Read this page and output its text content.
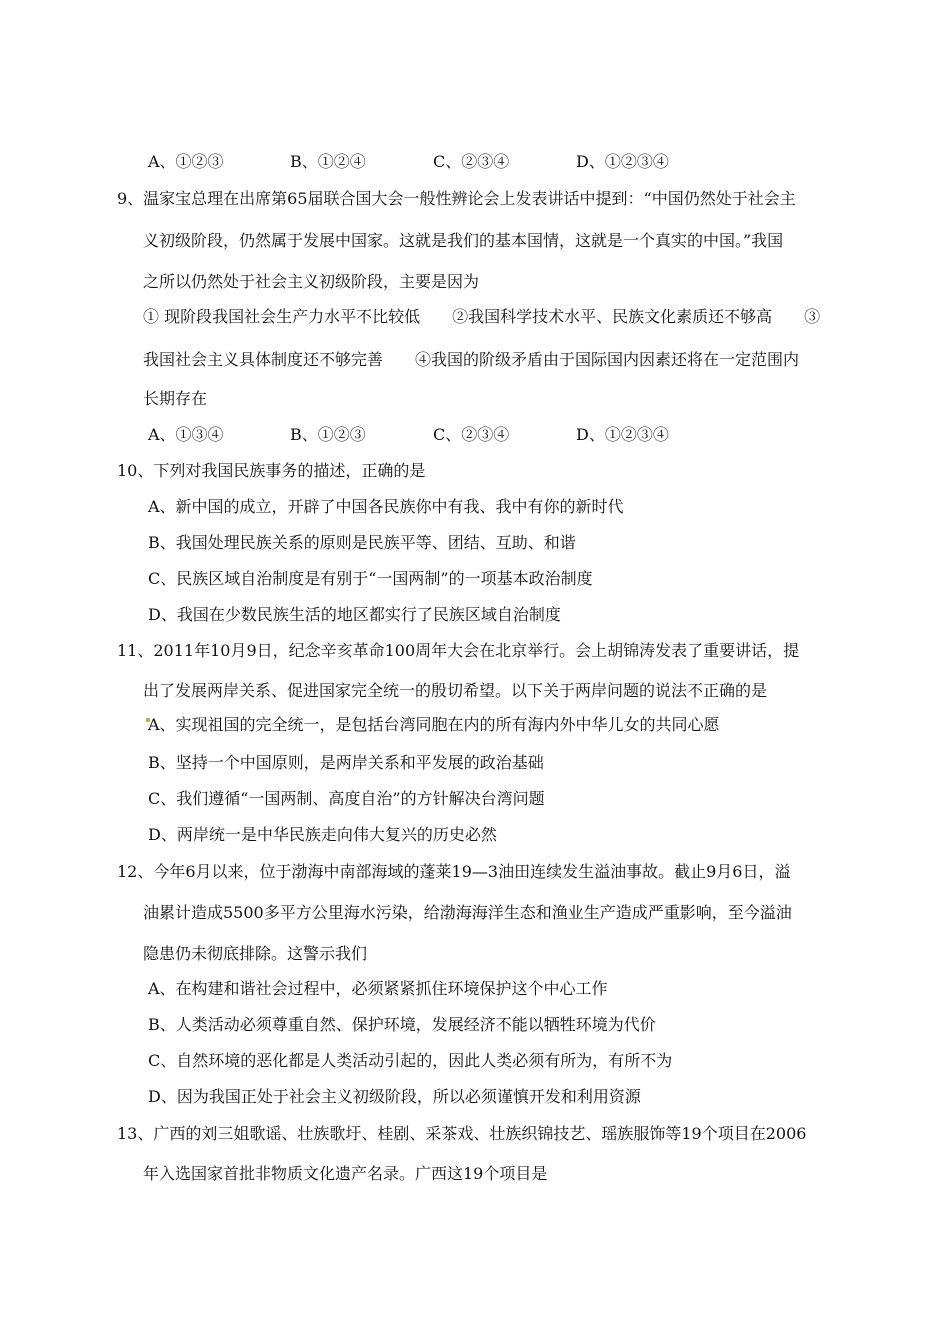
A、①②③	B、①②④	C、②③④	D、①②③④
9、温家宝总理在出席第65届联合国大会一般性辨论会上发表讲话中提到：“中国仍然处于社会主
义初级阶段，仍然属于发展中国家。这就是我们的基本国情，这就是一个真实的中国。”我国
之所以仍然处于社会主义初级阶段，主要是因为
① 现阶段我国社会生产力水平不比较低　　②我国科学技术水平、民族文化素质还不够高　　③
我国社会主义具体制度还不够完善　　④我国的阶级矛盾由于国际国内因素还将在一定范围内
长期存在
A、①③④	B、①②③	C、②③④	D、①②③④
10、下列对我国民族事务的描述，正确的是
A、新中国的成立，开辟了中国各民族你中有我、我中有你的新时代
B、我国处理民族关系的原则是民族平等、团结、互助、和谐
C、民族区域自治制度是有别于“一国两制”的一项基本政治制度
D、我国在少数民族生活的地区都实行了民族区域自治制度
11、2011年10月9日，纪念辛亥革命100周年大会在北京举行。会上胡锦涛发表了重要讲话，提
出了发展两岸关系、促进国家完全统一的殷切希望。以下关于两岸问题的说法不正确的是
A、实现祖国的完全统一，是包括台湾同胞在内的所有海内外中华儿女的共同心愿
B、坚持一个中国原则，是两岸关系和平发展的政治基础
C、我们遵循“一国两制、高度自治”的方针解决台湾问题
D、两岸统一是中华民族走向伟大复兴的历史必然
12、今年6月以来，位于渤海中南部海域的蓬莱19—3油田连续发生溢油事故。截止9月6日，溢
油累计造成5500多平方公里海水污染，给渤海海洋生态和渔业生产造成严重影响，至今溢油
隐患仍未彻底排除。这警示我们
A、在构建和谐社会过程中，必须紧紧抓住环境保护这个中心工作
B、人类活动必须尊重自然、保护环境，发展经济不能以牺牲环境为代价
C、自然环境的恶化都是人类活动引起的，因此人类必须有所为，有所不为
D、因为我国正处于社会主义初级阶段，所以必须谨慎开发和利用资源
13、广西的刘三姐歌谣、壮族歌圩、桂剧、采茶戏、壮族织锦技艺、瑶族服饰等19个项目在2006
年入选国家首批非物质文化遗产名录。广西这19个项目是
